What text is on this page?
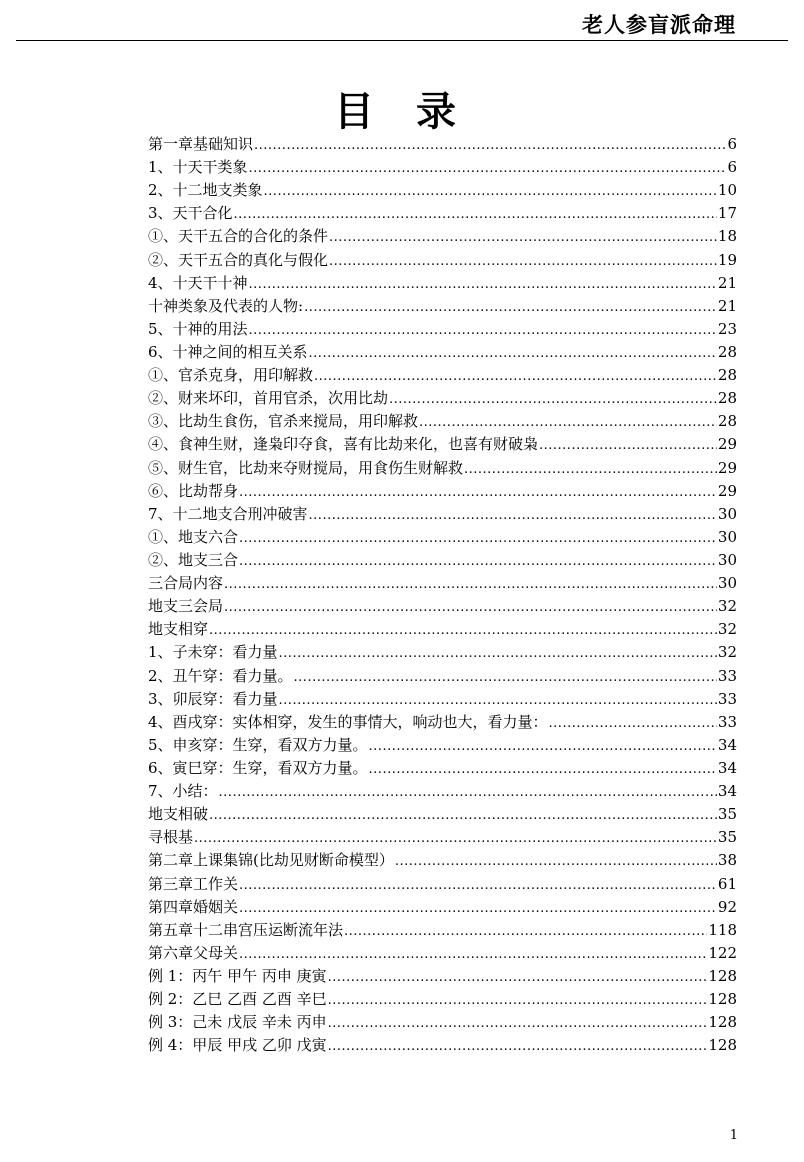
老人参盲派命理
目 录
第一章基础知识 .....	6
1、十天干类象 .....	6
2、十二地支类象 .....	10
3、天干合化 .....	17
①、天干五合的合化的条件 .....	18
②、天干五合的真化与假化 .....	19
4、十天干十神 .....	21
十神类象及代表的人物: .....	21
5、十神的用法 .....	23
6、十神之间的相互关系 .....	28
①、官杀克身，用印解救 .....	28
②、财来坏印，首用官杀，次用比劫 .....	28
③、比劫生食伤，官杀来搅局，用印解救 .....	28
④、食神生财，逢枭印夺食，喜有比劫来化，也喜有财破枭 .....	29
⑤、财生官，比劫来夺财搅局，用食伤生财解救 .....	29
⑥、比劫帮身 .....	29
7、十二地支合刑冲破害 .....	30
①、地支六合 .....	30
②、地支三合 .....	30
三合局内容 .....	30
地支三会局 .....	32
地支相穿 .....	32
1、子未穿：看力量 .....	32
2、丑午穿：看力量。 .....	33
3、卯辰穿：看力量 .....	33
4、酉戌穿：实体相穿，发生的事情大，响动也大，看力量： .....	33
5、申亥穿：生穿，看双方力量。 .....	34
6、寅巳穿：生穿，看双方力量。 .....	34
7、小结： .....	34
地支相破 .....	35
寻根基 .....	35
第二章上课集锦(比劫见财断命模型） .....	38
第三章工作关 .....	61
第四章婚姻关 .....	92
第五章十二串宫压运断流年法 .....	118
第六章父母关 .....	122
例 1：丙午 甲午 丙申 庚寅 .....	128
例 2：乙巳 乙酉 乙酉 辛巳 .....	128
例 3：己未 戊辰 辛未 丙申 .....	128
例 4：甲辰 甲戌 乙卯 戊寅 .....	128
1
